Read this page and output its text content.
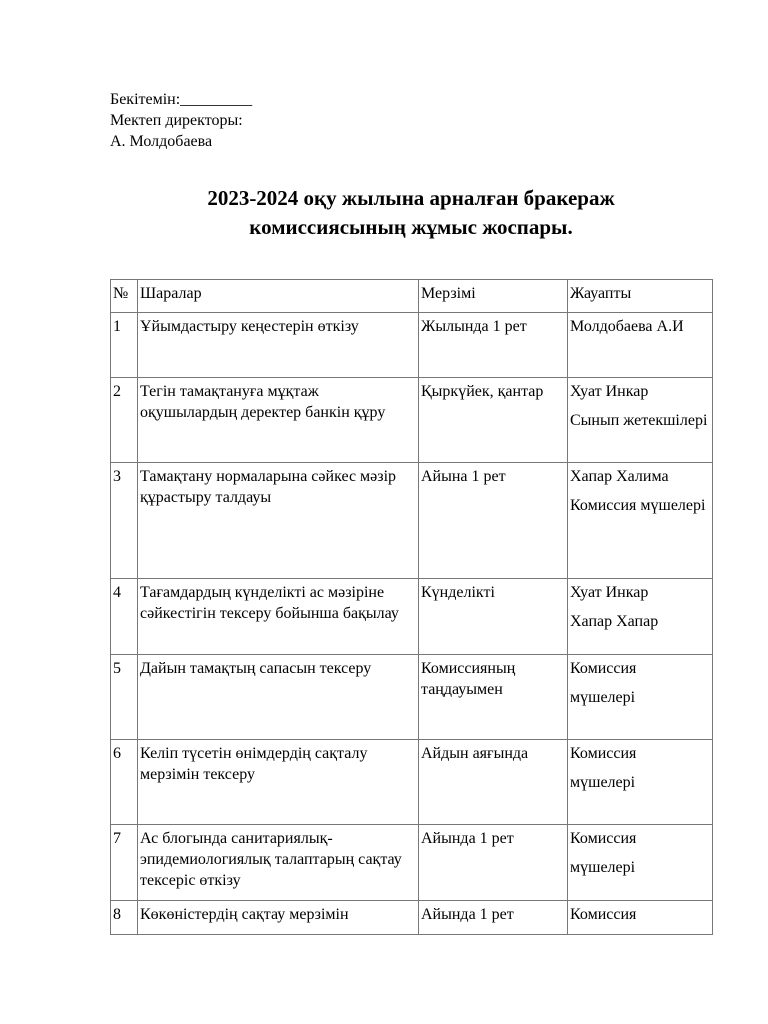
Бекітемін:_________
Мектеп директоры:
А. Молдобаева
2023-2024 оқу жылына арналған бракераж
комиссиясының жұмыс жоспары.
№	Шаралар	Мерзімі	Жауапты
1	Ұйымдастыру кеңестерін өткізу	Жылында 1 рет	Молдобаева А.И

2	Тегін тамақтануға мұқтаж оқушылардың деректер банкін құру	Қыркүйек, қантар	Хуат Инкар
Сынып жетекшілері

3	Тамақтану нормаларына сәйкес мәзір құрастыру талдауы	Айына 1 рет	Хапар Халима
Комиссия мүшелері

4	Тағамдардың күнделікті ас мәзіріне сәйкестігін тексеру бойынша бақылау	Күнделікті	Хуат Инкар
Хапар Хапар

5	Дайын тамақтың сапасын тексеру	Комиссияның таңдауымен	Комиссия
мүшелері

6	Келіп түсетін өнімдердің сақталу мерзімін тексеру	Айдын аяғында	Комиссия
мүшелері

7	Ас блогында санитариялық-эпидемиологиялық талаптарың сақтау тексеріс өткізу	Айында 1 рет	Комиссия
мүшелері

8	Көкөністердің сақтау мерзімін	Айында 1 рет	Комиссия
